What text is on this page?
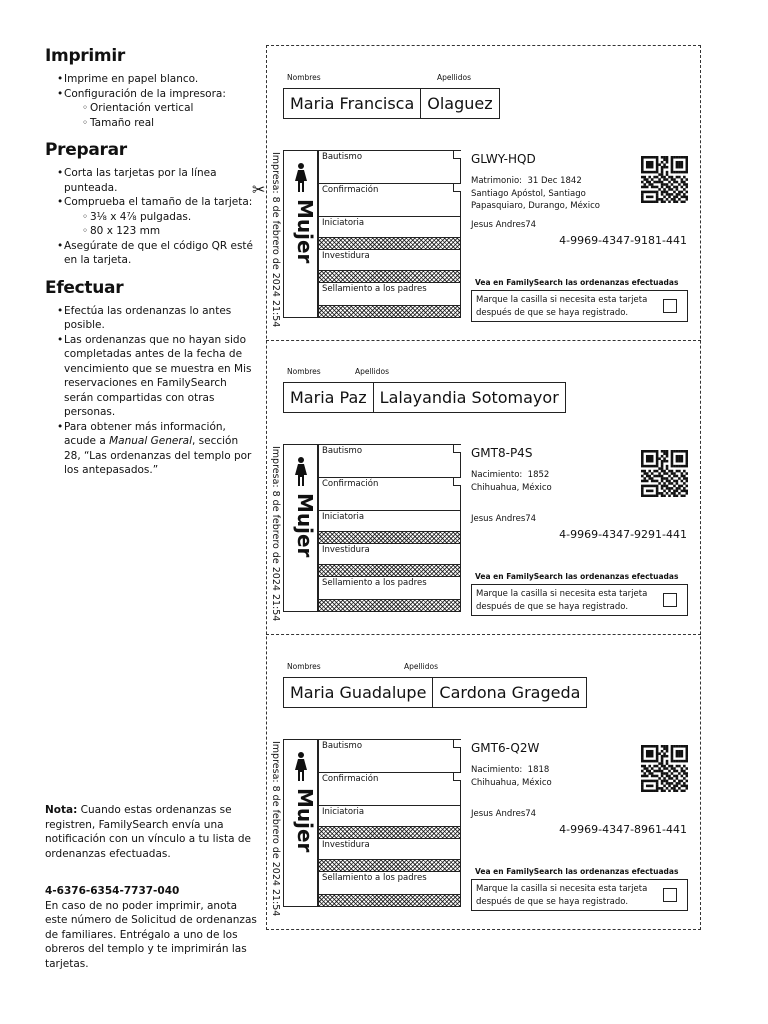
Imprimir
• Imprime en papel blanco.
• Configuración de la impresora:
◦ Orientación vertical
◦ Tamaño real
Preparar
• Corta las tarjetas por la línea punteada.
• Comprueba el tamaño de la tarjeta:
◦ 3⅛ x 4⅞ pulgadas.
◦ 80 x 123 mm
• Asegúrate de que el código QR esté en la tarjeta.
Efectuar
• Efectúa las ordenanzas lo antes posible.
• Las ordenanzas que no hayan sido completadas antes de la fecha de vencimiento que se muestra en Mis reservaciones en FamilySearch serán compartidas con otras personas.
• Para obtener más información, acude a Manual General, sección 28, “Las ordenanzas del templo por los antepasados.”
Nota: Cuando estas ordenanzas se registren, FamilySearch envía una notificación con un vínculo a tu lista de ordenanzas efectuadas.
4-6376-6354-7737-040
En caso de no poder imprimir, anota este número de Solicitud de ordenanzas de familiares. Entrégalo a uno de los obreros del templo y te imprimirán las tarjetas.
✂
Nombres	Apellidos
Maria Francisca Olaguez
Impresa: 8 de febrero de 2024 21:54 Mujer
Bautismo
Confirmación
Iniciatoria
Investidura
Sellamiento a los padres
GLWY-HQD
Matrimonio: 31 Dec 1842
Santiago Apóstol, Santiago Papasquiaro, Durango, México
Jesus Andres74
4-9969-4347-9181-441
Vea en FamilySearch las ordenanzas efectuadas
Marque la casilla si necesita esta tarjeta después de que se haya registrado.
Nombres	Apellidos
Maria Paz Lalayandia Sotomayor
Impresa: 8 de febrero de 2024 21:54 Mujer
Bautismo
Confirmación
Iniciatoria
Investidura
Sellamiento a los padres
GMT8-P4S
Nacimiento: 1852
Chihuahua, México
Jesus Andres74
4-9969-4347-9291-441
Vea en FamilySearch las ordenanzas efectuadas
Marque la casilla si necesita esta tarjeta después de que se haya registrado.
Nombres	Apellidos
Maria Guadalupe Cardona Grageda
Impresa: 8 de febrero de 2024 21:54 Mujer
Bautismo
Confirmación
Iniciatoria
Investidura
Sellamiento a los padres
GMT6-Q2W
Nacimiento: 1818
Chihuahua, México
Jesus Andres74
4-9969-4347-8961-441
Vea en FamilySearch las ordenanzas efectuadas
Marque la casilla si necesita esta tarjeta después de que se haya registrado.
